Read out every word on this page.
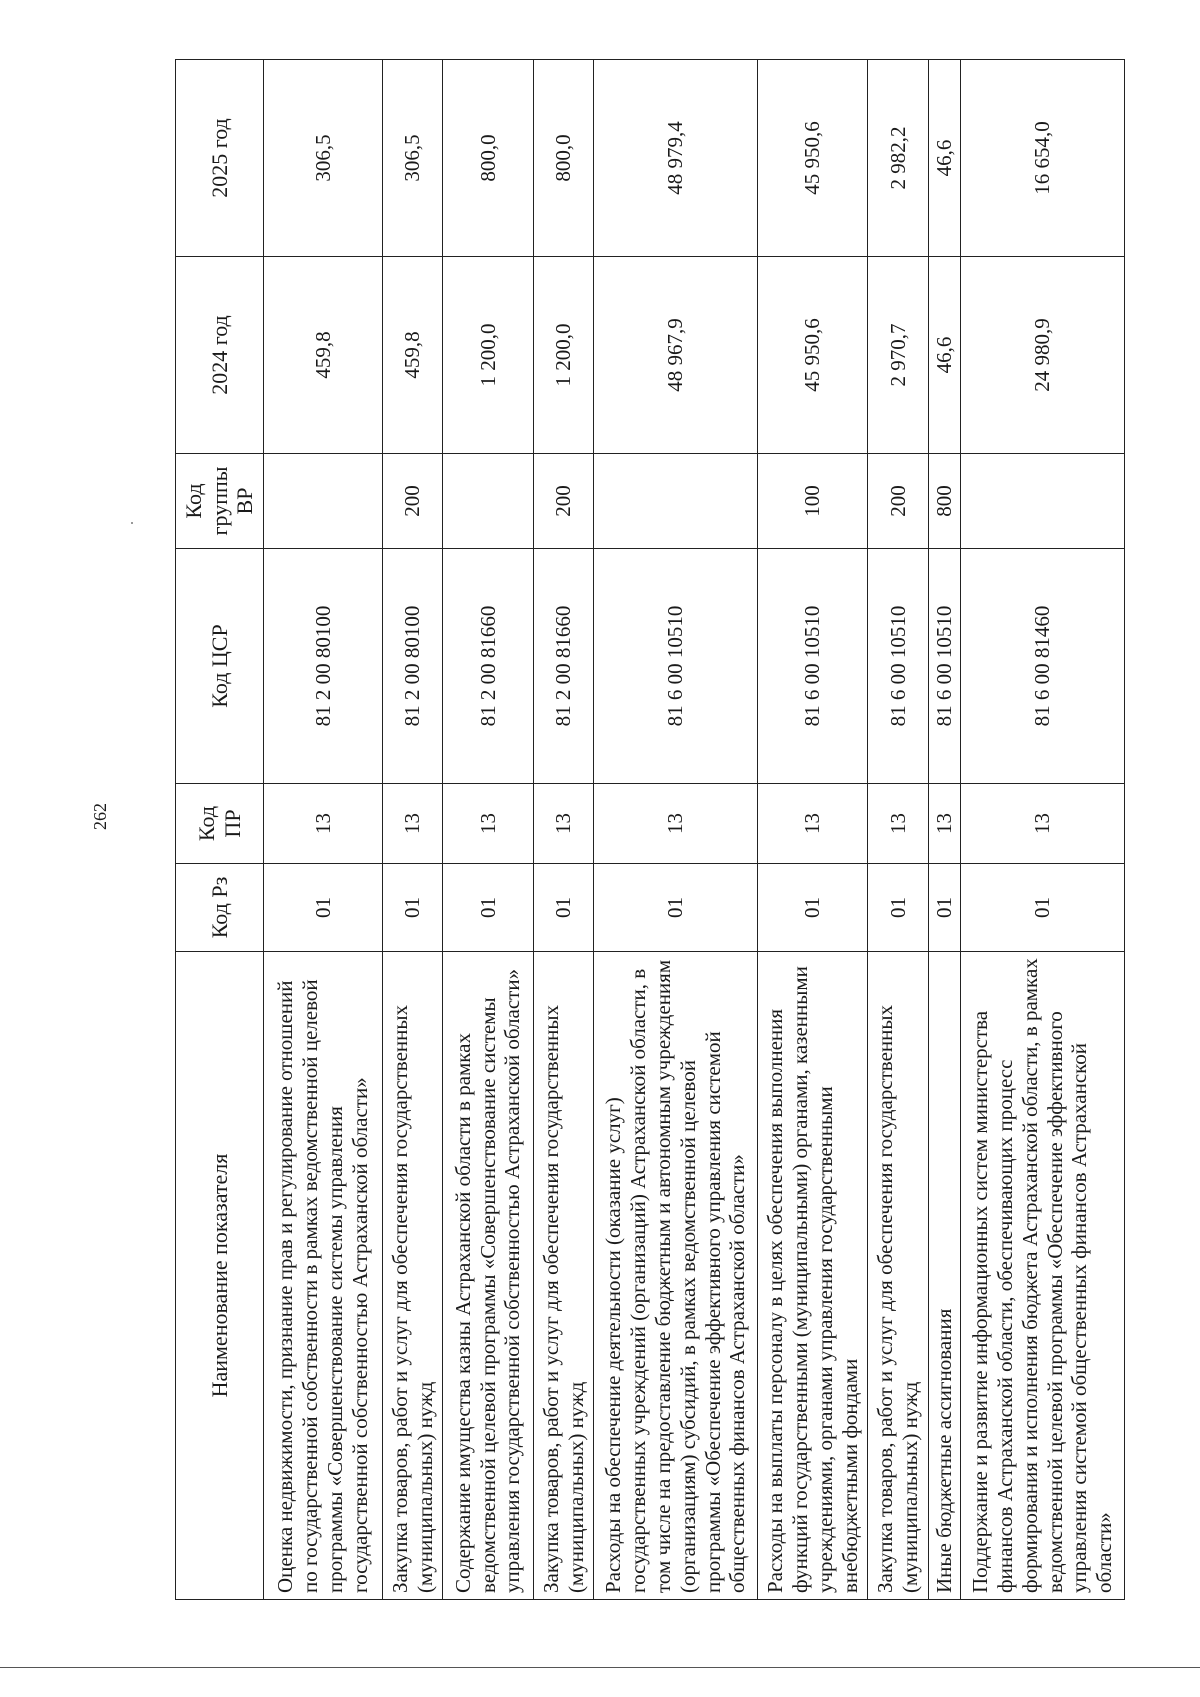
262
Наименование показателя	Код Рз	Код ПР	Код ЦСР	Код группы ВР	2024 год	2025 год
Оценка недвижимости, признание прав и регулирование отношений по государственной собственности в рамках ведомственной целевой программы «Совершенствование системы управления государственной собственностью Астраханской области»	01	13	81 2 00 80100		459,8	306,5
Закупка товаров, работ и услуг для обеспечения государственных (муниципальных) нужд	01	13	81 2 00 80100	200	459,8	306,5
Содержание имущества казны Астраханской области в рамках ведомственной целевой программы «Совершенствование системы управления государственной собственностью Астраханской области»	01	13	81 2 00 81660		1 200,0	800,0
Закупка товаров, работ и услуг для обеспечения государственных (муниципальных) нужд	01	13	81 2 00 81660	200	1 200,0	800,0
Расходы на обеспечение деятельности (оказание услуг) государственных учреждений (организаций) Астраханской области, в том числе на предоставление бюджетным и автономным учреждениям (организациям) субсидий, в рамках ведомственной целевой программы «Обеспечение эффективного управления системой общественных финансов Астраханской области»	01	13	81 6 00 10510		48 967,9	48 979,4
Расходы на выплаты персоналу в целях обеспечения выполнения функций государственными (муниципальными) органами, казенными учреждениями, органами управления государственными внебюджетными фондами	01	13	81 6 00 10510	100	45 950,6	45 950,6
Закупка товаров, работ и услуг для обеспечения государственных (муниципальных) нужд	01	13	81 6 00 10510	200	2 970,7	2 982,2
Иные бюджетные ассигнования	01	13	81 6 00 10510	800	46,6	46,6
Поддержание и развитие информационных систем министерства финансов Астраханской области, обеспечивающих процесс формирования и исполнения бюджета Астраханской области, в рамках ведомственной целевой программы «Обеспечение эффективного управления системой общественных финансов Астраханской области»	01	13	81 6 00 81460		24 980,9	16 654,0
